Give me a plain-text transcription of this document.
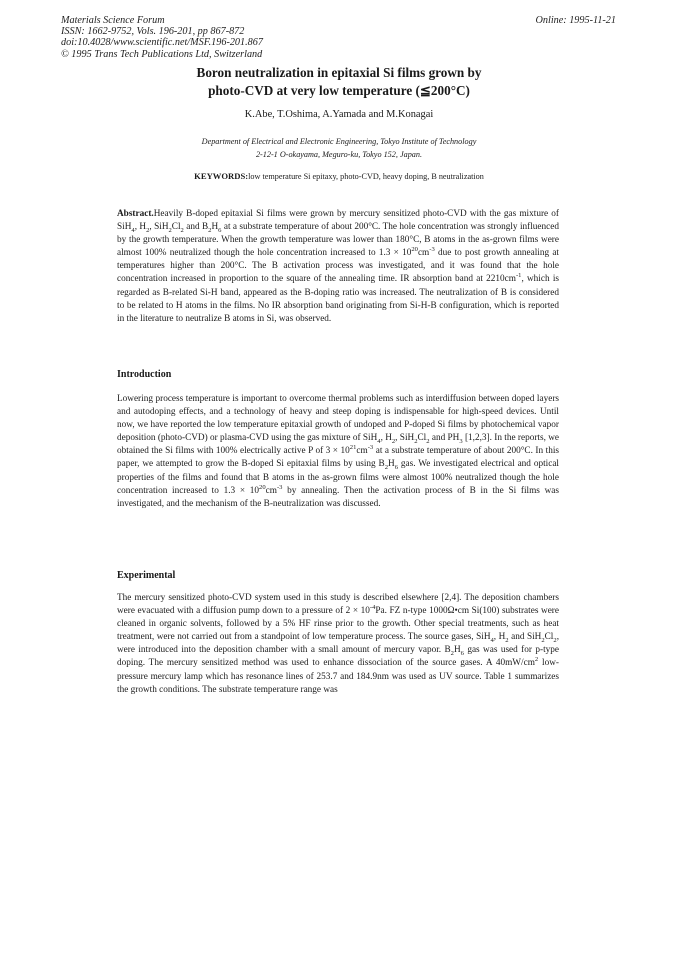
Materials Science Forum
ISSN: 1662-9752, Vols. 196-201, pp 867-872
doi:10.4028/www.scientific.net/MSF.196-201.867
© 1995 Trans Tech Publications Ltd, Switzerland
Online: 1995-11-21
Boron neutralization in epitaxial Si films grown by
photo-CVD at very low temperature (≦200°C)
K.Abe, T.Oshima, A.Yamada and M.Konagai
Department of Electrical and Electronic Engineering, Tokyo Institute of Technology
2-12-1 O-okayama, Meguro-ku, Tokyo 152, Japan.
KEYWORDS:low temperature Si epitaxy, photo-CVD, heavy doping, B neutralization

Abstract.Heavily B-doped epitaxial Si films were grown by mercury sensitized photo-CVD with the gas mixture of SiH$_4$, $H_2$, $SiH_2Cl_2$ and $B_2H_6$ at a substrate temperature of about 200°C. The hole concentration was strongly influenced by the growth temperature. When the growth temperature was lower than 180°C, B atoms in the as-grown films were almost 100% neutralized though the hole concentration increased to $1.3 \times 10^{20}cm^{-3}$ due to post growth annealing at temperatures higher than 200°C. The B activation process was investigated, and it was found that the hole concentration increased in proportion to the square of the annealing time. IR absorption band at $2210cm^{-1}$, which is regarded as B-related Si-H band, appeared as the B-doping ratio was increased. The neutralization of B is considered to be related to H atoms in the films. No IR absorption band originating from Si-H-B configuration, which is reported in the literature to neutralize B atoms in Si, was observed.

Introduction

Lowering process temperature is important to overcome thermal problems such as interdiffusion between doped layers and autodoping effects, and a technology of heavy and steep doping is indispensable for high-speed devices. Until now, we have reported the low temperature epitaxial growth of undoped and P-doped Si films by photochemical vapor deposition (photo-CVD) or plasma-CVD using the gas mixture of SiH$_4$, $H_2$, $SiH_2Cl_2$ and $PH_3$ [1,2,3]. In the reports, we obtained the Si films with 100% electrically active P of $3 \times 10^{21}cm^{-3}$ at a substrate temperature of about 200°C. In this paper, we attempted to grow the B-doped Si epitaxial films by using $B_2H_6$ gas. We investigated electrical and optical properties of the films and found that B atoms in the as-grown films were almost 100% neutralized though the hole concentration increased to $1.3 \times 10^{20}cm^{-3}$ by annealing. Then the activation process of B in the Si films was investigated, and the mechanism of the B-neutralization was discussed.

Experimental

The mercury sensitized photo-CVD system used in this study is described elsewhere [2,4]. The deposition chambers were evacuated with a diffusion pump down to a pressure of $2 \times 10^{-4}Pa$. FZ n-type 1000Ω•cm Si(100) substrates were cleaned in organic solvents, followed by a 5% HF rinse prior to the growth. Other special treatments, such as heat treatment, were not carried out from a standpoint of low temperature process. The source gases, SiH$_4$, $H_2$ and $SiH_2Cl_2$, were introduced into the deposition chamber with a small amount of mercury vapor. $B_2H_6$ gas was used for p-type doping. The mercury sensitized method was used to enhance dissociation of the source gases. A $40mW/cm^2$ low-pressure mercury lamp which has resonance lines of 253.7 and 184.9nm was used as UV source. Table 1 summarizes the growth conditions. The substrate temperature range was
